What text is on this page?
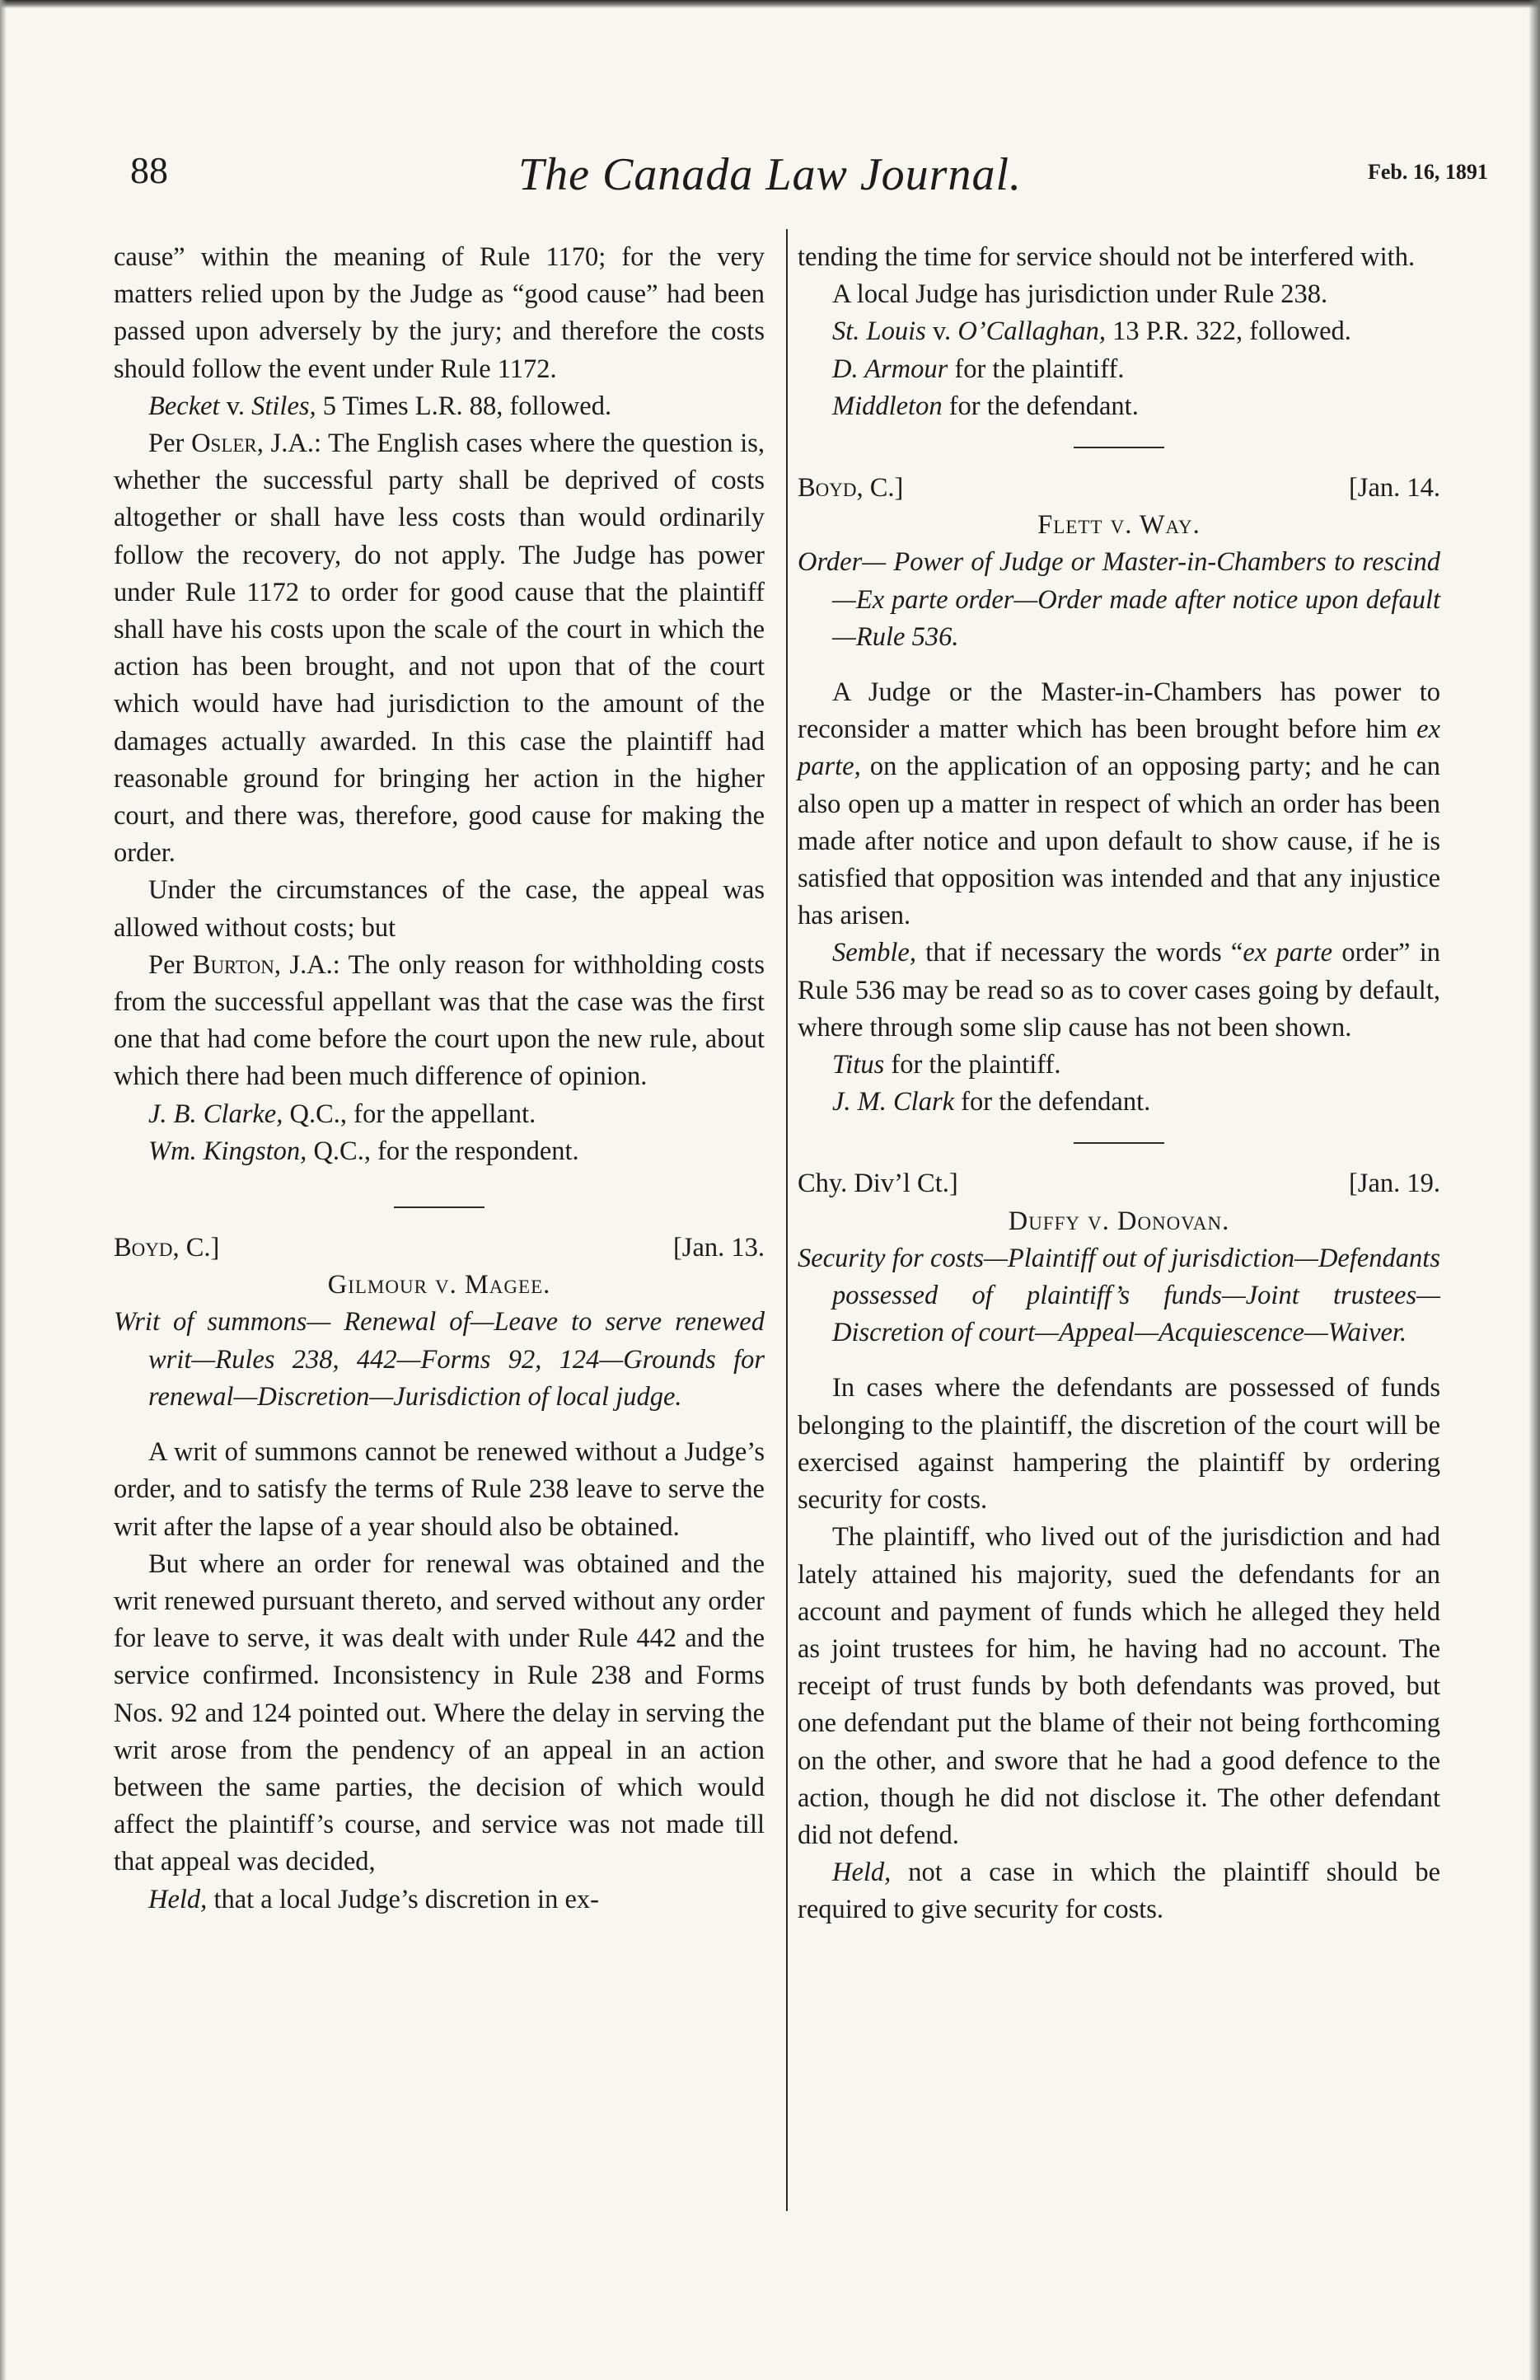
88	The Canada Law Journal.	Feb. 16, 1891

cause” within the meaning of Rule 1170; for the very matters relied upon by the Judge as “good cause” had been passed upon adversely by the jury; and therefore the costs should follow the event under Rule 1172.

Becket v. Stiles, 5 Times L.R. 88, followed.

Per Osler, J.A.: The English cases where the question is, whether the successful party shall be deprived of costs altogether or shall have less costs than would ordinarily follow the recovery, do not apply. The Judge has power under Rule 1172 to order for good cause that the plaintiff shall have his costs upon the scale of the court in which the action has been brought, and not upon that of the court which would have had jurisdiction to the amount of the damages actually awarded. In this case the plaintiff had reasonable ground for bringing her action in the higher court, and there was, therefore, good cause for making the order.

Under the circumstances of the case, the appeal was allowed without costs; but

Per Burton, J.A.: The only reason for withholding costs from the successful appellant was that the case was the first one that had come before the court upon the new rule, about which there had been much difference of opinion.

J. B. Clarke, Q.C., for the appellant.

Wm. Kingston, Q.C., for the respondent.

Boyd, C.]	[Jan. 13.

Gilmour v. Magee.

Writ of summons— Renewal of—Leave to serve renewed writ—Rules 238, 442—Forms 92, 124—Grounds for renewal—Discretion—Jurisdiction of local judge.

A writ of summons cannot be renewed without a Judge’s order, and to satisfy the terms of Rule 238 leave to serve the writ after the lapse of a year should also be obtained.

But where an order for renewal was obtained and the writ renewed pursuant thereto, and served without any order for leave to serve, it was dealt with under Rule 442 and the service confirmed. Inconsistency in Rule 238 and Forms Nos. 92 and 124 pointed out. Where the delay in serving the writ arose from the pendency of an appeal in an action between the same parties, the decision of which would affect the plaintiff’s course, and service was not made till that appeal was decided,

Held, that a local Judge’s discretion in ex-

tending the time for service should not be interfered with.

A local Judge has jurisdiction under Rule 238.

St. Louis v. O’Callaghan, 13 P.R. 322, followed.

D. Armour for the plaintiff.

Middleton for the defendant.

Boyd, C.]	[Jan. 14.

Flett v. Way.

Order— Power of Judge or Master-in-Chambers to rescind—Ex parte order—Order made after notice upon default—Rule 536.

A Judge or the Master-in-Chambers has power to reconsider a matter which has been brought before him ex parte, on the application of an opposing party; and he can also open up a matter in respect of which an order has been made after notice and upon default to show cause, if he is satisfied that opposition was intended and that any injustice has arisen.

Semble, that if necessary the words “ex parte order” in Rule 536 may be read so as to cover cases going by default, where through some slip cause has not been shown.

Titus for the plaintiff.

J. M. Clark for the defendant.

Chy. Div’l Ct.]	[Jan. 19.

Duffy v. Donovan.

Security for costs—Plaintiff out of jurisdiction—Defendants possessed of plaintiff’s funds—Joint trustees—Discretion of court—Appeal—Acquiescence—Waiver.

In cases where the defendants are possessed of funds belonging to the plaintiff, the discretion of the court will be exercised against hampering the plaintiff by ordering security for costs.

The plaintiff, who lived out of the jurisdiction and had lately attained his majority, sued the defendants for an account and payment of funds which he alleged they held as joint trustees for him, he having had no account. The receipt of trust funds by both defendants was proved, but one defendant put the blame of their not being forthcoming on the other, and swore that he had a good defence to the action, though he did not disclose it. The other defendant did not defend.

Held, not a case in which the plaintiff should be required to give security for costs.
